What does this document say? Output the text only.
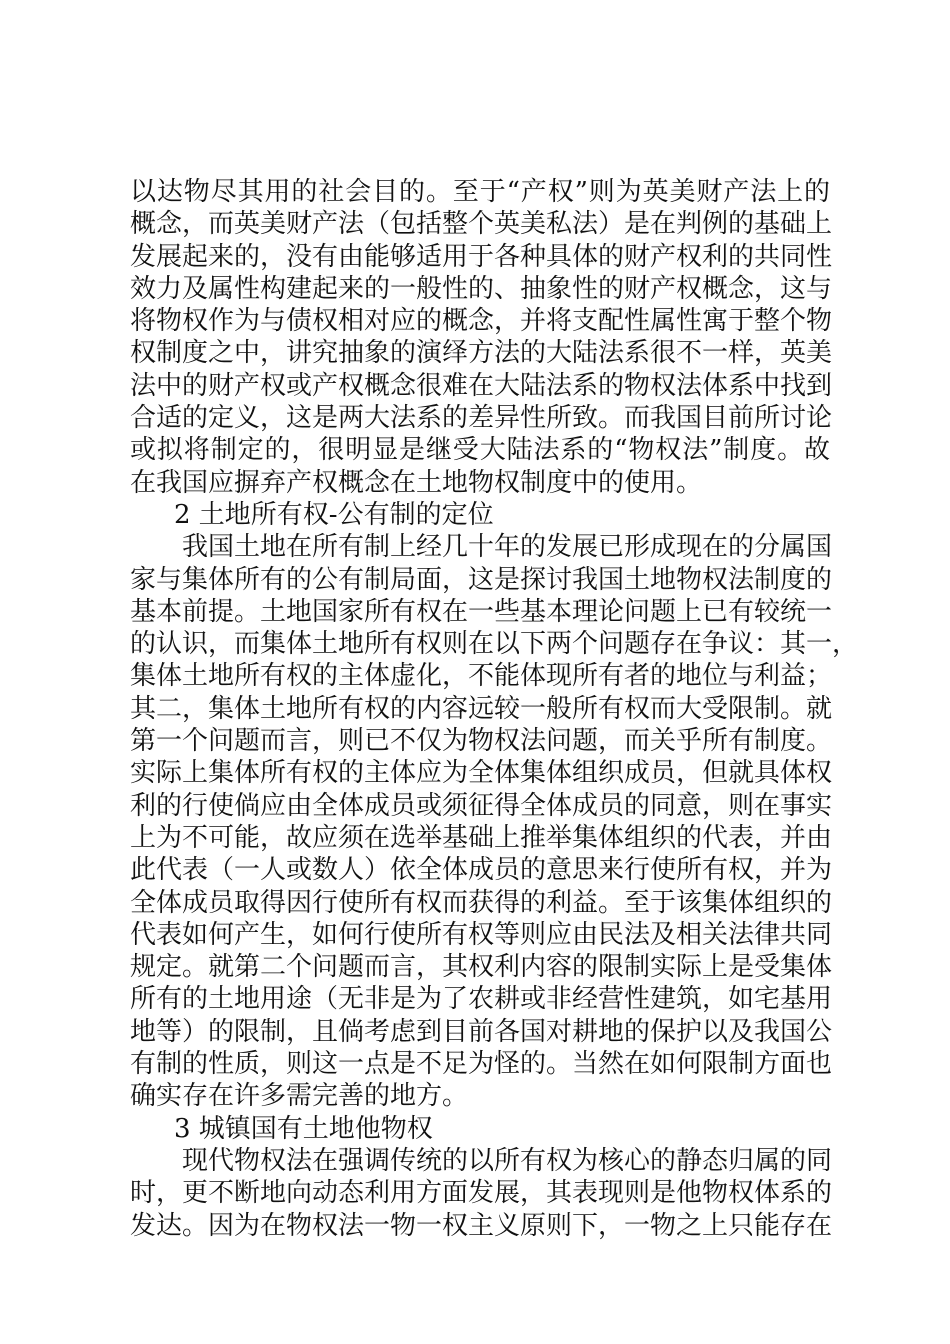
以达物尽其用的社会目的。至于“产权”则为英美财产法上的
概念，而英美财产法（包括整个英美私法）是在判例的基础上
发展起来的，没有由能够适用于各种具体的财产权利的共同性
效力及属性构建起来的一般性的、抽象性的财产权概念，这与
将物权作为与债权相对应的概念，并将支配性属性寓于整个物
权制度之中，讲究抽象的演绎方法的大陆法系很不一样，英美
法中的财产权或产权概念很难在大陆法系的物权法体系中找到
合适的定义，这是两大法系的差异性所致。而我国目前所讨论
或拟将制定的，很明显是继受大陆法系的“物权法”制度。故
在我国应摒弃产权概念在土地物权制度中的使用。
2 土地所有权-公有制的定位
我国土地在所有制上经几十年的发展已形成现在的分属国
家与集体所有的公有制局面，这是探讨我国土地物权法制度的
基本前提。土地国家所有权在一些基本理论问题上已有较统一
的认识，而集体土地所有权则在以下两个问题存在争议：其一，
集体土地所有权的主体虚化，不能体现所有者的地位与利益；
其二，集体土地所有权的内容远较一般所有权而大受限制。就
第一个问题而言，则已不仅为物权法问题，而关乎所有制度。
实际上集体所有权的主体应为全体集体组织成员，但就具体权
利的行使倘应由全体成员或须征得全体成员的同意，则在事实
上为不可能，故应须在选举基础上推举集体组织的代表，并由
此代表（一人或数人）依全体成员的意思来行使所有权，并为
全体成员取得因行使所有权而获得的利益。至于该集体组织的
代表如何产生，如何行使所有权等则应由民法及相关法律共同
规定。就第二个问题而言，其权利内容的限制实际上是受集体
所有的土地用途（无非是为了农耕或非经营性建筑，如宅基用
地等）的限制，且倘考虑到目前各国对耕地的保护以及我国公
有制的性质，则这一点是不足为怪的。当然在如何限制方面也
确实存在许多需完善的地方。
3 城镇国有土地他物权
现代物权法在强调传统的以所有权为核心的静态归属的同
时，更不断地向动态利用方面发展，其表现则是他物权体系的
发达。因为在物权法一物一权主义原则下，一物之上只能存在
